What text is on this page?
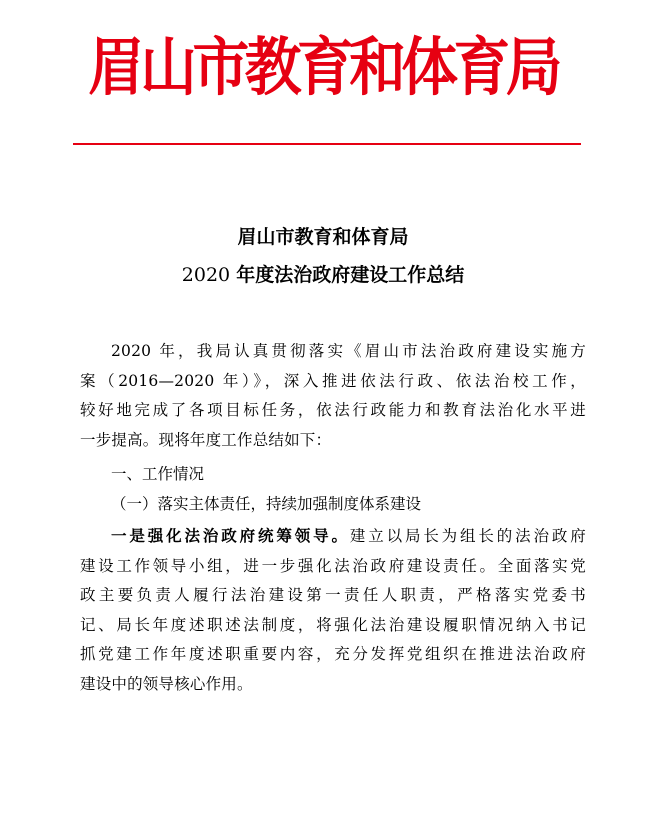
眉山市教育和体育局
眉山市教育和体育局
2020 年度法治政府建设工作总结
2020 年，我局认真贯彻落实《眉山市法治政府建设实施方
案（2016—2020 年）》，深入推进依法行政、依法治校工作，
较好地完成了各项目标任务，依法行政能力和教育法治化水平进
一步提高。现将年度工作总结如下：
一、工作情况
（一）落实主体责任，持续加强制度体系建设
一是强化法治政府统筹领导。建立以局长为组长的法治政府
建设工作领导小组，进一步强化法治政府建设责任。全面落实党
政主要负责人履行法治建设第一责任人职责，严格落实党委书
记、局长年度述职述法制度，将强化法治建设履职情况纳入书记
抓党建工作年度述职重要内容，充分发挥党组织在推进法治政府
建设中的领导核心作用。
